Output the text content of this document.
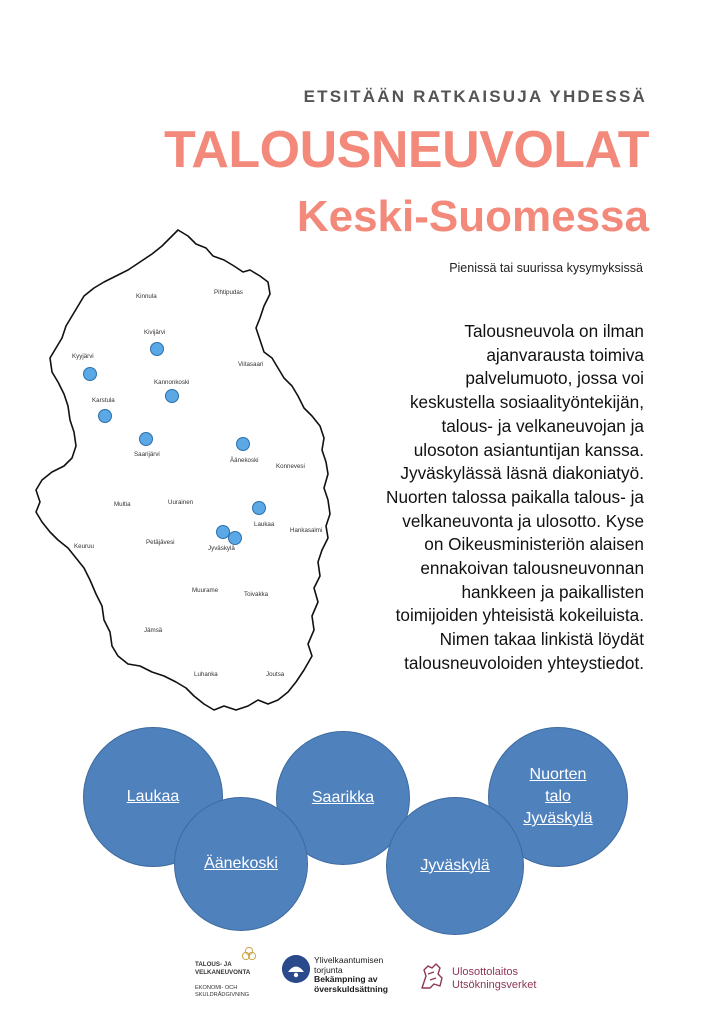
ETSITÄÄN RATKAISUJA YHDESSÄ
TALOUSNEUVOLAT
Keski-Suomessa
Pienissä tai suurissa kysymyksissä
Talousneuvola on ilman
ajanvarausta toimiva
palvelumuoto, jossa voi
keskustella sosiaalityöntekijän,
talous- ja velkaneuvojan ja
ulosoton asiantuntijan kanssa.
Jyväskylässä läsnä diakoniatyö.
Nuorten talossa paikalla talous- ja
velkaneuvonta ja ulosotto. Kyse
on Oikeusministeriön alaisen
ennakoivan talousneuvonnan
hankkeen ja paikallisten
toimijoiden yhteisistä kokeiluista.
Nimen takaa linkistä löydät
talousneuvoloiden yhteystiedot.
Kinnula
Pihtipudas
Kivijärvi
Kyyjärvi
Viitasaari
Kannonkoski
Karstula
Saarijärvi
Äänekoski
Konnevesi
Multia	Uurainen
Laukaa
Hankasalmi
Keuruu
Petäjävesi
Jyväskylä
Muurame
Toivakka
Jämsä
Luhanka	Joutsa
Laukaa	Saarikka
Nuorten
talo
Jyväskylä
Äänekoski	Jyväskylä
TALOUS- JA
VELKANEUVONTA
EKONOMI- OCH
SKULDRÅDGIVNING
Ylivelkaantumisen
torjunta
Bekämpning av
överskuldsättning
Ulosottolaitos
Utsökningsverket
